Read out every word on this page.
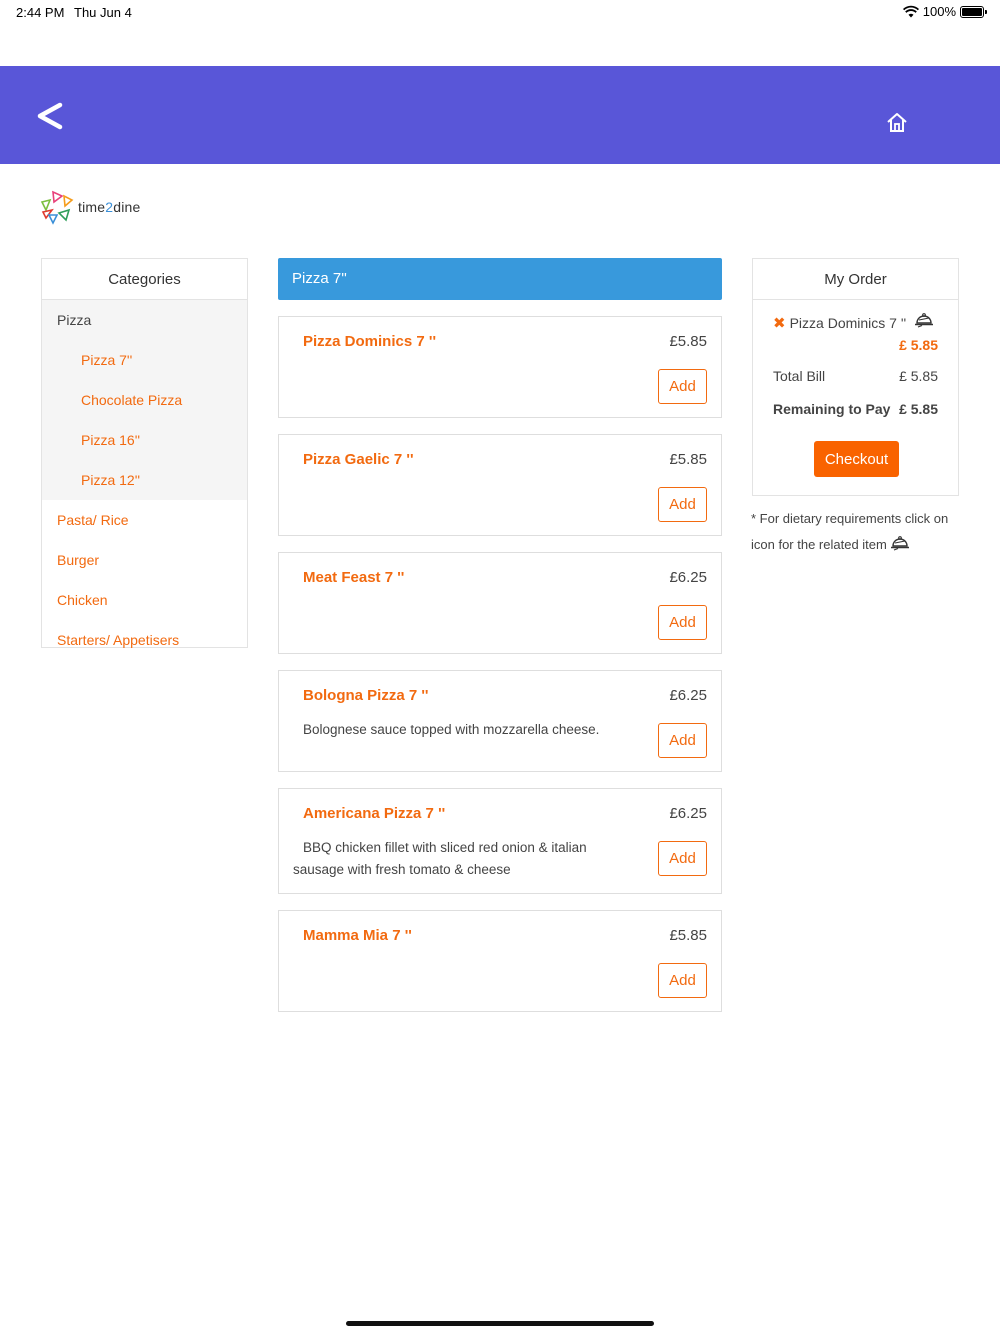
2:44 PM Thu Jun 4	100%
time2dine
Categories
Pizza
Pizza 7''
Chocolate Pizza
Pizza 16''
Pizza 12''
Pasta/ Rice
Burger
Chicken
Starters/ Appetisers
Pizza 7''
Pizza Dominics 7 ''	£5.85
Add
Pizza Gaelic 7 ''	£5.85
Add
Meat Feast 7 ''	£6.25
Add
Bologna Pizza 7 ''	£6.25
Bolognese sauce topped with mozzarella cheese.
Add
Americana Pizza 7 ''	£6.25
BBQ chicken fillet with sliced red onion & italian sausage with fresh tomato & cheese
Add
Mamma Mia 7 ''	£5.85
Add
My Order
✖ Pizza Dominics 7 ''
£ 5.85
Total Bill	£ 5.85
Remaining to Pay £ 5.85
Checkout
* For dietary requirements click on icon for the related item
